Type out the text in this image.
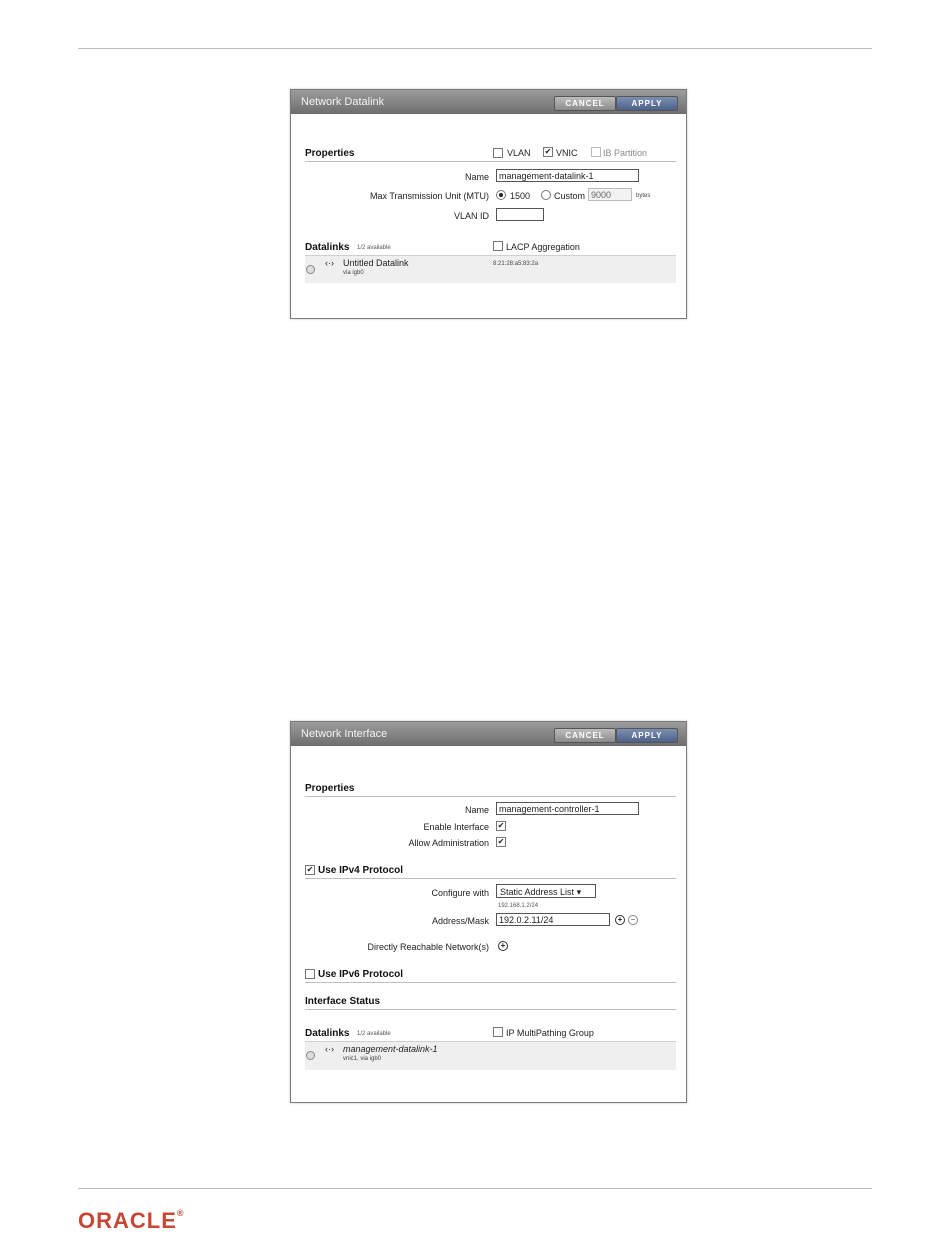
Network Datalink	CANCEL	APPLY
Properties	VLAN ✔ VNIC	IB Partition
Name	management-datalink-1
Max Transmission Unit (MTU) 1500	Custom 9000	bytes
VLAN ID
Datalinks 1/2 available	LACP Aggregation
‹·› Untitled Datalink
via igb0
8:21:28:a5:83:2a
Network Interface	CANCEL	APPLY
Properties
Name	management-controller-1
Enable Interface ✔
Allow Administration ✔
✔ Use IPv4 Protocol
Configure with	Static Address List ▾
192.168.1.2/24
Address/Mask	192.0.2.11/24	+	−
Directly Reachable Network(s)	+
Use IPv6 Protocol
Interface Status
Datalinks 1/2 available	IP MultiPathing Group
‹·› management-datalink-1
vnic1, via igb0
ORACLE®
